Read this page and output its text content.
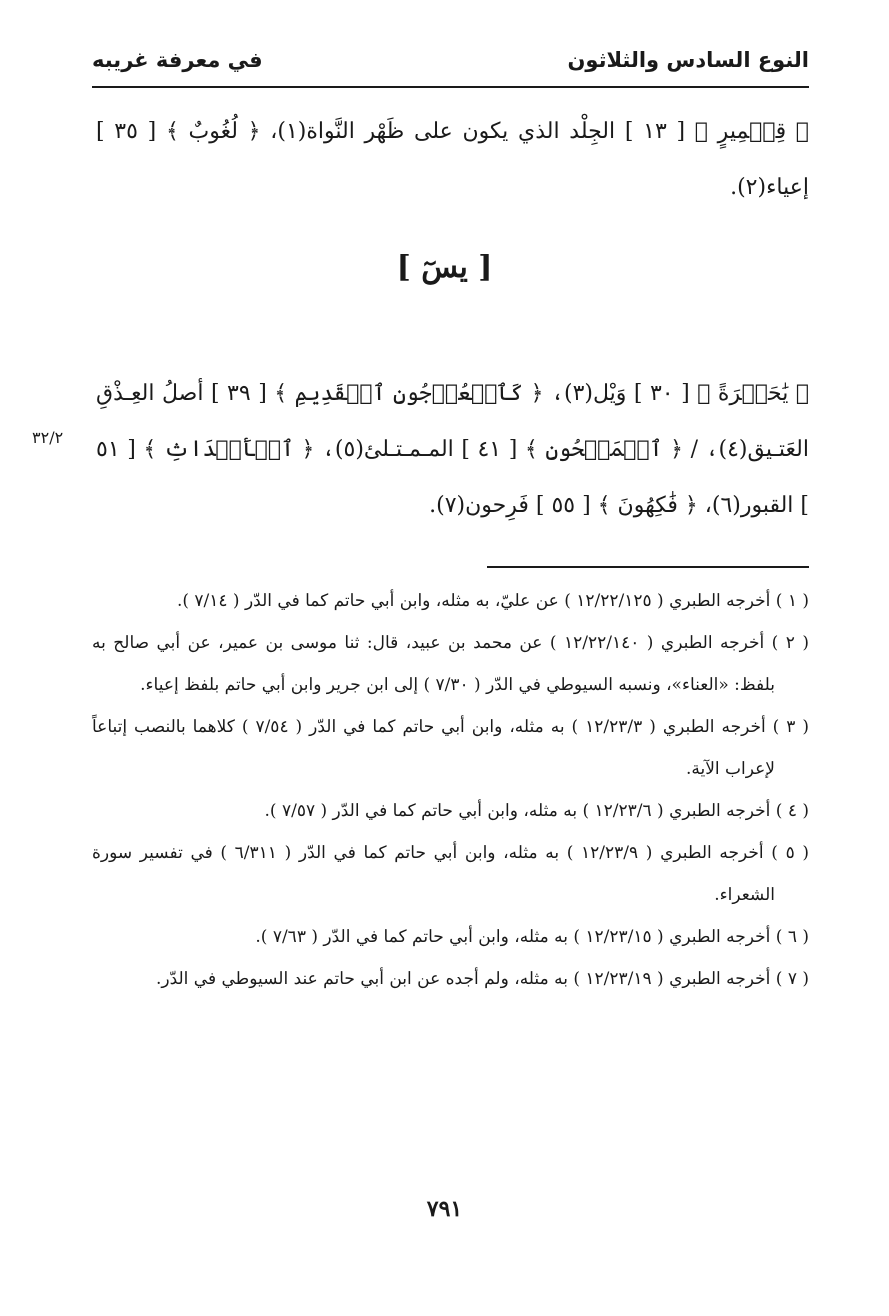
النوع السادس والثلاثون
في معرفة غريبه

﴿ قِطۡمِيرٍ ﴾ [ ١٣ ] الجِلْد الذي يكون على ظَهْر النَّواة(١)، ﴿ لُغُوبٌ ﴾ [ ٣٥ ] إعياء(٢).

[ يسٓ ]

﴿ يَٰحَسۡرَةً ﴾ [ ٣٠ ] وَيْل(٣)، ﴿ كَٱلۡعُرۡجُونِ ٱلۡقَدِيمِ ﴾ [ ٣٩ ] أصلُ العِـذْقِ العَتـيق(٤)، / ﴿ ٱلۡمَشۡحُونِ ﴾ [ ٤١ ] المـمـتـلئ(٥)، ﴿ ٱلۡأَجۡدَاثِ ﴾ [ ٥١ ] القبور(٦)، ﴿ فَٰكِهُونَ ﴾ [ ٥٥ ] فَرِحون(٧).

٣٢/٢

( ١ ) أخرجه الطبري ( ١٢/٢٢/١٢٥ ) عن عليّ، به مثله، وابن أبي حاتم كما في الدّر ( ٧/١٤ ).

( ٢ ) أخرجه الطبري ( ١٢/٢٢/١٤٠ ) عن محمد بن عبيد، قال: ثنا موسى بن عمير، عن أبي صالح به بلفظ: «العناء»، ونسبه السيوطي في الدّر ( ٧/٣٠ ) إلى ابن جرير وابن أبي حاتم بلفظ إعياء.

( ٣ ) أخرجه الطبري ( ١٢/٢٣/٣ ) به مثله، وابن أبي حاتم كما في الدّر ( ٧/٥٤ ) كلاهما بالنصب إتباعاً لإعراب الآية.

( ٤ ) أخرجه الطبري ( ١٢/٢٣/٦ ) به مثله، وابن أبي حاتم كما في الدّر ( ٧/٥٧ ).

( ٥ ) أخرجه الطبري ( ١٢/٢٣/٩ ) به مثله، وابن أبي حاتم كما في الدّر ( ٦/٣١١ ) في تفسير سورة الشعراء.

( ٦ ) أخرجه الطبري ( ١٢/٢٣/١٥ ) به مثله، وابن أبي حاتم كما في الدّر ( ٧/٦٣ ).

( ٧ ) أخرجه الطبري ( ١٢/٢٣/١٩ ) به مثله، ولم أجده عن ابن أبي حاتم عند السيوطي في الدّر.

٧٩١
